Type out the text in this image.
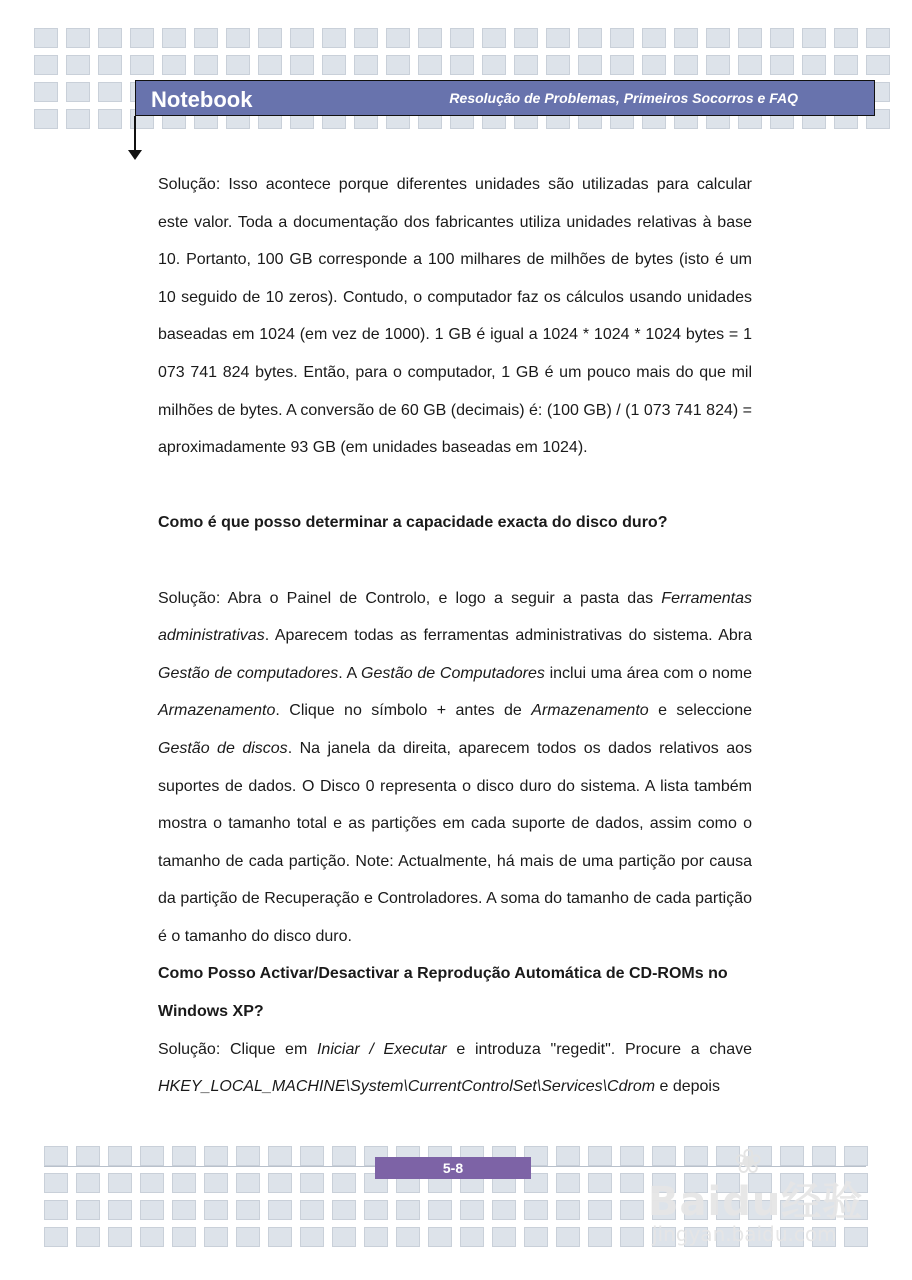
Notebook	Resolução de Problemas, Primeiros Socorros e FAQ

Solução: Isso acontece porque diferentes unidades são utilizadas para calcular este valor. Toda a documentação dos fabricantes utiliza unidades relativas à base 10. Portanto, 100 GB corresponde a 100 milhares de milhões de bytes (isto é um 10 seguido de 10 zeros). Contudo, o computador faz os cálculos usando unidades baseadas em 1024 (em vez de 1000). 1 GB é igual a 1024 * 1024 * 1024 bytes = 1 073 741 824 bytes. Então, para o computador, 1 GB é um pouco mais do que mil milhões de bytes. A conversão de 60 GB (decimais) é: (100 GB) / (1 073 741 824) = aproximadamente 93 GB (em unidades baseadas em 1024).

Como é que posso determinar a capacidade exacta do disco duro?

Solução: Abra o Painel de Controlo, e logo a seguir a pasta das Ferramentas administrativas. Aparecem todas as ferramentas administrativas do sistema. Abra Gestão de computadores. A Gestão de Computadores inclui uma área com o nome Armazenamento. Clique no símbolo + antes de Armazenamento e seleccione Gestão de discos. Na janela da direita, aparecem todos os dados relativos aos suportes de dados. O Disco 0 representa o disco duro do sistema. A lista também mostra o tamanho total e as partições em cada suporte de dados, assim como o tamanho de cada partição. Note: Actualmente, há mais de uma partição por causa da partição de Recuperação e Controladores. A soma do tamanho de cada partição é o tamanho do disco duro.

Como Posso Activar/Desactivar a Reprodução Automática de CD-ROMs no Windows XP?

Solução: Clique em Iniciar / Executar e introduza "regedit". Procure a chave HKEY_LOCAL_MACHINE\System\CurrentControlSet\Services\Cdrom e depois

5-8	❀
Baidu经验
jingyan.baidu.com
